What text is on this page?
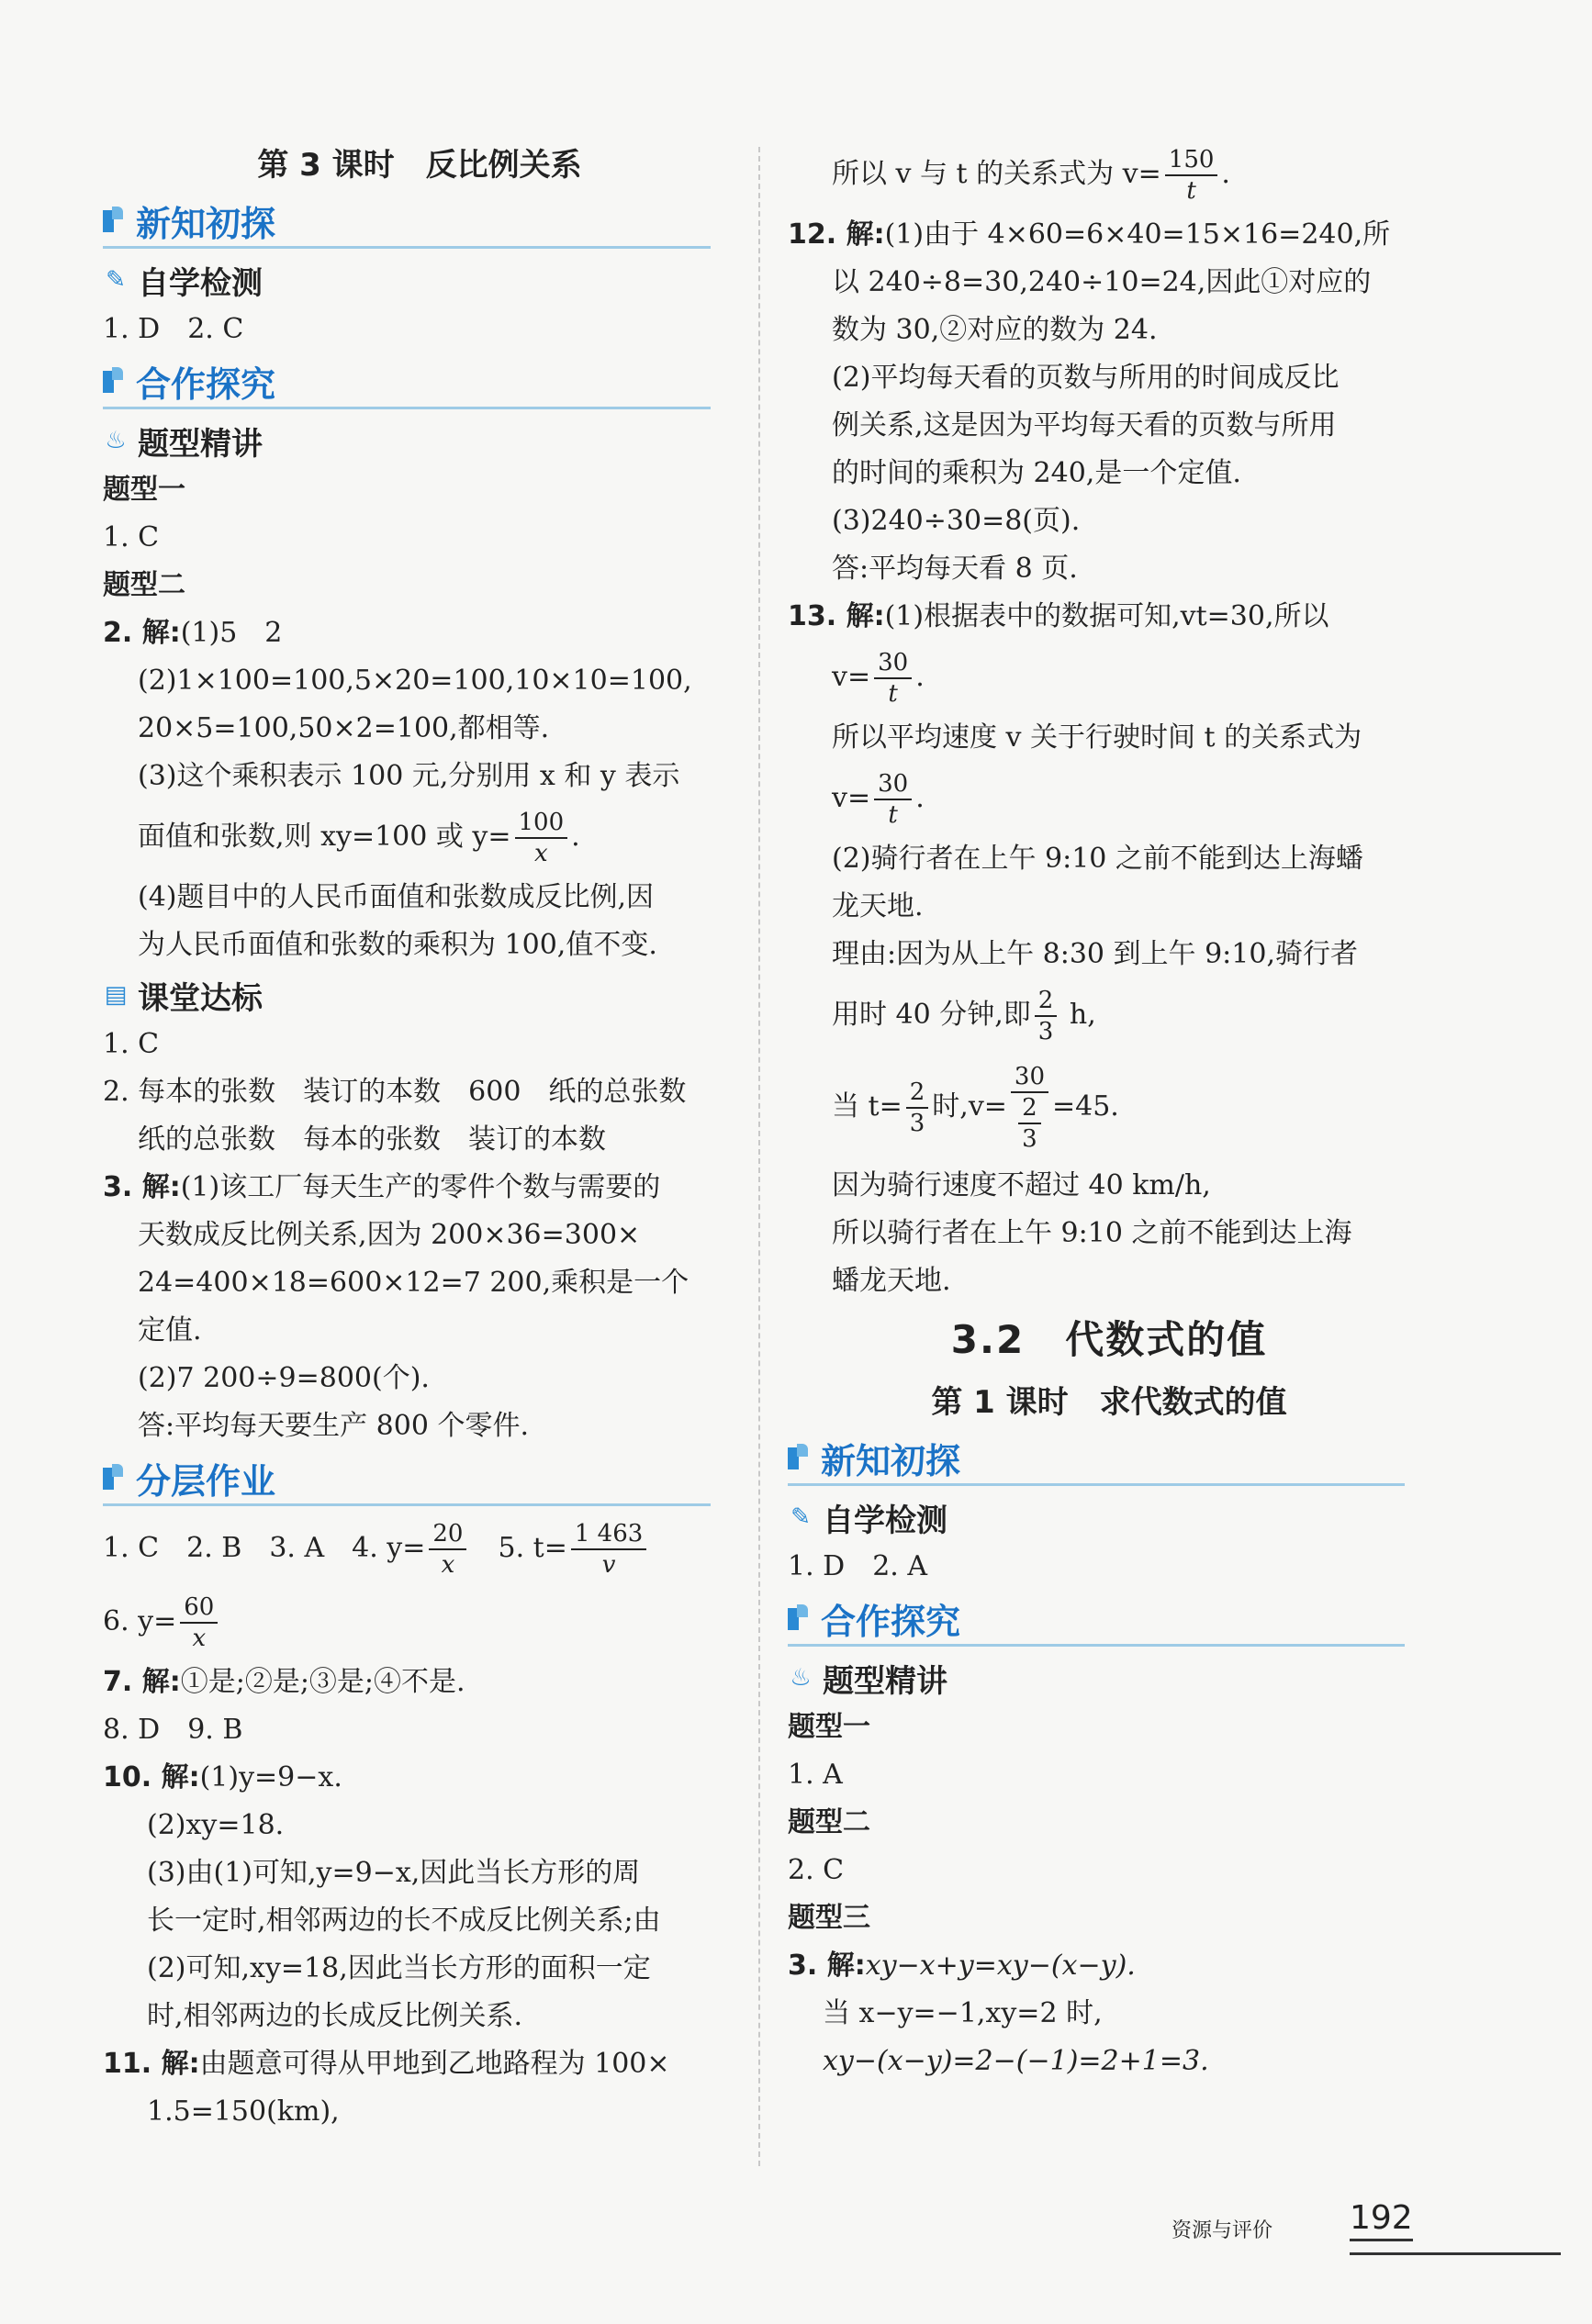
第 3 课时　反比例关系
新知初探
✎ 自学检测
1. D　2. C
合作探究
♨ 题型精讲
题型一
1. C
题型二
2. 解:(1)5　2
(2)1×100=100,5×20=100,10×10=100,
20×5=100,50×2=100,都相等.
(3)这个乘积表示 100 元,分别用 x 和 y 表示
面值和张数,则 xy=100 或 $y= \frac{100}{x}$ .
(4)题目中的人民币面值和张数成反比例,因
为人民币面值和张数的乘积为 100,值不变.
▤ 课堂达标
1. C
2. 每本的张数　装订的本数　600　纸的总张数
纸的总张数　每本的张数　装订的本数
3. 解:(1)该工厂每天生产的零件个数与需要的
天数成反比例关系,因为 200×36=300×
24=400×18=600×12=7 200,乘积是一个
定值.
(2)7 200÷9=800(个).
答:平均每天要生产 800 个零件.
分层作业
1. C　2. B　3. A　4. $y= \frac{20}{x}$ 　5. $t= \frac{1 463}{v}$
6. $y= \frac{60}{x}$
7. 解:①是;②是;③是;④不是.
8. D　9. B
10. 解:(1)y=9−x.
(2)xy=18.
(3)由(1)可知,y=9−x,因此当长方形的周
长一定时,相邻两边的长不成反比例关系;由
(2)可知,xy=18,因此当长方形的面积一定
时,相邻两边的长成反比例关系.
11. 解:由题意可得从甲地到乙地路程为 100×
1.5=150(km),
所以 v 与 t 的关系式为 $v= \frac{150}{t}$ .
12. 解:(1)由于 4×60=6×40=15×16=240,所
以 240÷8=30,240÷10=24,因此①对应的
数为 30,②对应的数为 24.
(2)平均每天看的页数与所用的时间成反比
例关系,这是因为平均每天看的页数与所用
的时间的乘积为 240,是一个定值.
(3)240÷30=8(页).
答:平均每天看 8 页.
13. 解:(1)根据表中的数据可知,vt=30,所以
$v= \frac{30}{t}$ .
所以平均速度 v 关于行驶时间 t 的关系式为
$v= \frac{30}{t}$ .
(2)骑行者在上午 9:10 之前不能到达上海蟠
龙天地.
理由:因为从上午 8:30 到上午 9:10,骑行者
用时 40 分钟,即 $\frac{2}{3} h$,
当 $t= \frac{2}{3}$ 时$,v= \frac{30}{\frac{2}{3}} =45$.
因为骑行速度不超过 40 km/h,
所以骑行者在上午 9:10 之前不能到达上海
蟠龙天地.
3.2　代数式的值
第 1 课时　求代数式的值
新知初探
✎ 自学检测
1. D　2. A
合作探究
♨ 题型精讲
题型一
1. A
题型二
2. C
题型三
3. 解:xy−x+y=xy−(x−y).
当 x−y=−1,xy=2 时,
xy−(x−y)=2−(−1)=2+1=3.
资源与评价 192
